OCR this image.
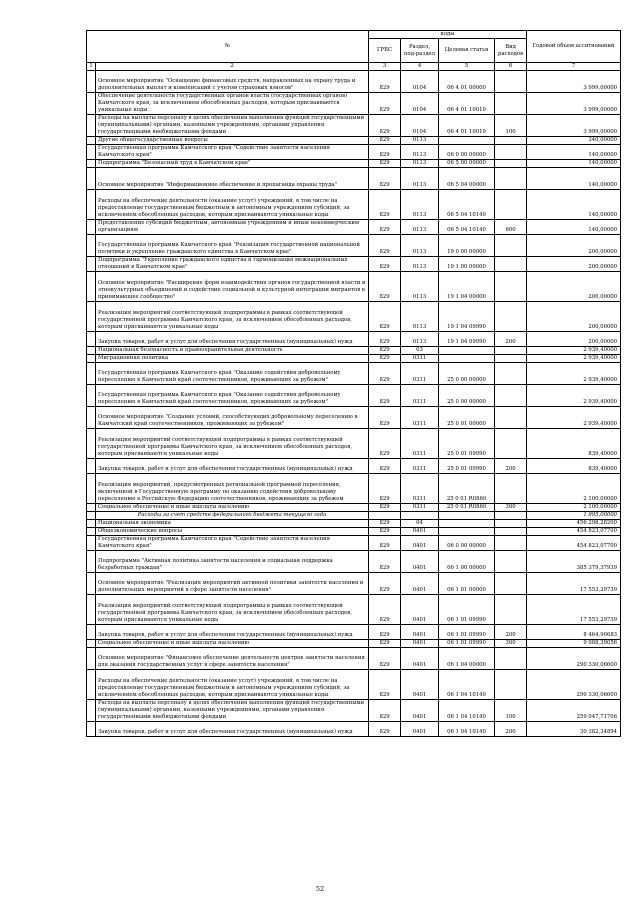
№		коды				Годовой объем ассигнований
		ГРБС	Раздел, под-раздел	Целевая статья	Вид расходов	
1	2	3	4	5	6	7
	Основное мероприятие "Оснащение финансовых средств, направленных на охрану труда и дополнительных выплат и компенсаций с учетом страховых взносов"	829	0104	06 4 01 00000		3 999,00000
	Обеспечение деятельности государственных органов власти (государственных органов) Камчатского края, за исключением обособленных расходов, которым присваиваются уникальные коды	829	0104	06 4 01 10010		3 999,00000
	Расходы на выплаты персоналу в целях обеспечения выполнения функций государственными (муниципальными) органами, казенными учреждениями, органами управления государственными внебюджетными фондами	829	0104	06 4 01 10010	100	3 999,00000
	Другие общегосударственные вопросы	829	0113			340,00000
	Государственная программа Камчатского края "Содействие занятости населения Камчатского края"	829	0113	06 0 00 00000		140,00000
	Подпрограмма "Безопасный труд в Камчатском крае"	829	0113	06 5 00 00000		140,00000
	Основное мероприятие "Информационное обеспечение и пропаганда охраны труда"	829	0113	06 5 04 00000		140,00000
	Расходы на обеспечение деятельности (оказание услуг) учреждений, в том числе на предоставление государственным бюджетным и автономным учреждениям субсидий, за исключением обособленных расходов, которым присваиваются уникальные коды	829	0113	06 5 04 10140		140,00000
	Предоставление субсидий бюджетным, автономным учреждениям и иным некоммерческим организациям	829	0113	06 5 04 10140	600	140,00000
	Государственная программа Камчатского края "Реализация государственной национальной политики и укрепление гражданского единства в Камчатском крае"	829	0113	19 0 00 00000		200,00000
	Подпрограмма "Укрепление гражданского единства и гармонизация межнациональных отношений в Камчатском крае"	829	0113	19 1 00 00000		200,00000
	Основное мероприятие "Расширение форм взаимодействия органов государственной власти и этнокультурных объединений и содействие социальной и культурной интеграции мигрантов в принимающее сообщество"	829	0113	19 1 04 00000		200,00000
	Реализация мероприятий соответствующей подпрограммы в рамках соответствующей государственной программы Камчатского края, за исключением обособленных расходов, которым присваиваются уникальные коды	829	0113	19 1 04 09990		200,00000
	Закупка товаров, работ и услуг для обеспечения государственных (муниципальных) нужд	829	0113	19 1 04 09990	200	200,00000
	Национальная безопасность и правоохранительная деятельность	829	03			2 939,40000
	Миграционная политика	829	0311			2 939,40000
	Государственная программа Камчатского края "Оказание содействия добровольному переселению в Камчатский край соотечественников, проживающих за рубежом"	829	0311	25 0 00 00000		2 939,40000
	Государственная программа Камчатского края "Оказание содействия добровольному переселению в Камчатский край соотечественников, проживающих за рубежом"	829	0311	25 0 00 00000		2 939,40000
	Основное мероприятие "Создание условий, способствующих добровольному переселению в Камчатский край соотечественников, проживающих за рубежом"	829	0311	25 0 01 00000		2 939,40000
	Реализация мероприятий соответствующей подпрограммы в рамках соответствующей государственной программы Камчатского края, за исключением обособленных расходов, которым присваиваются уникальные коды	829	0311	25 0 01 09990		839,40000
	Закупка товаров, работ и услуг для обеспечения государственных (муниципальных) нужд	829	0311	25 0 01 09990	200	839,40000
	Реализация мероприятий, предусмотренных региональной программой переселения, включенной в Государственную программу по оказанию содействия добровольному переселению в Российскую Федерацию соотечественников, проживающих за рубежом	829	0311	25 0 01 R0860		2 100,00000
	Социальное обеспечение и иные выплаты населению	829	0311	25 0 01 R0860	300	2 100,00000
	Расходы за счет средств федерального бюджета текущего года					1 995,00000
	Национальная экономика	829	04			456 298,28200
	Общеэкономические вопросы	829	0401			454 823,07700
	Государственная программа Камчатского края "Содействие занятости населения Камчатского края"	829	0401	06 0 00 00000		454 823,07700
	Подпрограмма "Активная политика занятости населения и социальная поддержка безработных граждан"	829	0401	06 1 00 00000		385 379,37939
	Основное мероприятие "Реализация мероприятий активной политики занятости населения и дополнительных мероприятий в сфере занятости населения"	829	0401	06 1 01 00000		17 553,29739
	Реализация мероприятий соответствующей подпрограммы в рамках соответствующей государственной программы Камчатского края, за исключением обособленных расходов, которым присваиваются уникальные коды	829	0401	06 1 01 09990		17 553,29739
	Закупка товаров, работ и услуг для обеспечения государственных (муниципальных) нужд	829	0401	06 1 01 09990	200	8 464,90683
	Социальное обеспечение и иные выплаты населению	829	0401	06 1 01 09990	300	9 088,39056
	Основное мероприятие "Финансовое обеспечение деятельности центров занятости населения для оказания государственных услуг в сфере занятости населения"	829	0401	06 1 04 00000		290 330,06600
	Расходы на обеспечение деятельности (оказание услуг) учреждений, в том числе на предоставление государственным бюджетным и автономным учреждениям субсидий, за исключением обособленных расходов, которым присваиваются уникальные коды	829	0401	06 1 04 10140		290 330,06600
	Расходы на выплаты персоналу в целях обеспечения выполнения функций государственными (муниципальными) органами, казенными учреждениями, органами управления государственными внебюджетными фондами	829	0401	06 1 04 10140	100	259 047,71706
	Закупка товаров, работ и услуг для обеспечения государственных (муниципальных) нужд	829	0401	06 1 04 10140	200	30 382,34894
52
